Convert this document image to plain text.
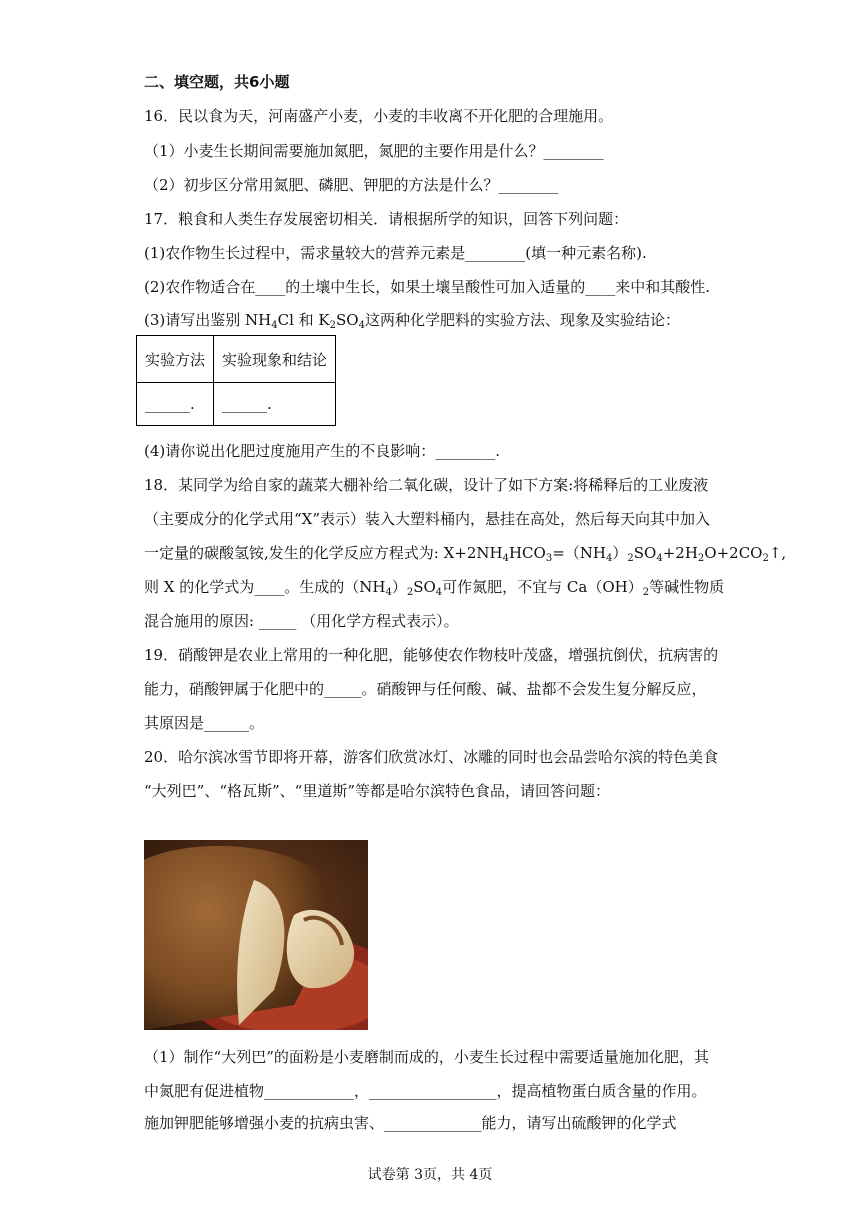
二、填空题，共6小题
16．民以食为天，河南盛产小麦，小麦的丰收离不开化肥的合理施用。
（1）小麦生长期间需要施加氮肥，氮肥的主要作用是什么？________
（2）初步区分常用氮肥、磷肥、钾肥的方法是什么？________
17．粮食和人类生存发展密切相关．请根据所学的知识，回答下列问题：
(1)农作物生长过程中，需求量较大的营养元素是________(填一种元素名称).
(2)农作物适合在____的土壤中生长，如果土壤呈酸性可加入适量的____来中和其酸性.
(3)请写出鉴别 $NH_4Cl$ 和 $K_2SO_4$这两种化学肥料的实验方法、现象及实验结论：
实验方法	实验现象和结论
______.	______.
(4)请你说出化肥过度施用产生的不良影响：________.
18．某同学为给自家的蔬菜大棚补给二氧化碳，设计了如下方案:将稀释后的工业废液
（主要成分的化学式用“X”表示）装入大塑料桶内，悬挂在高处，然后每天向其中加入
一定量的碳酸氢铵,发生的化学反应方程式为: $X+2NH_4HCO_3=(NH_4)_2SO_4+2H_2O+2CO_2↑$,
则 X 的化学式为____。生成的$(NH_4)_2SO_4$可作氮肥，不宜与 $Ca(OH)_2$等碱性物质
混合施用的原因: _____ （用化学方程式表示）。
19．硝酸钾是农业上常用的一种化肥，能够使农作物枝叶茂盛，增强抗倒伏，抗病害的
能力，硝酸钾属于化肥中的_____。硝酸钾与任何酸、碱、盐都不会发生复分解反应，
其原因是______。
20．哈尔滨冰雪节即将开幕，游客们欣赏冰灯、冰雕的同时也会品尝哈尔滨的特色美食
“大列巴”、“格瓦斯”、“里道斯”等都是哈尔滨特色食品，请回答问题：
（1）制作“大列巴”的面粉是小麦磨制而成的，小麦生长过程中需要适量施加化肥，其
中氮肥有促进植物____________，_________________，提高植物蛋白质含量的作用。
施加钾肥能够增强小麦的抗病虫害、_____________能力，请写出硫酸钾的化学式
试卷第 3页，共 4页
